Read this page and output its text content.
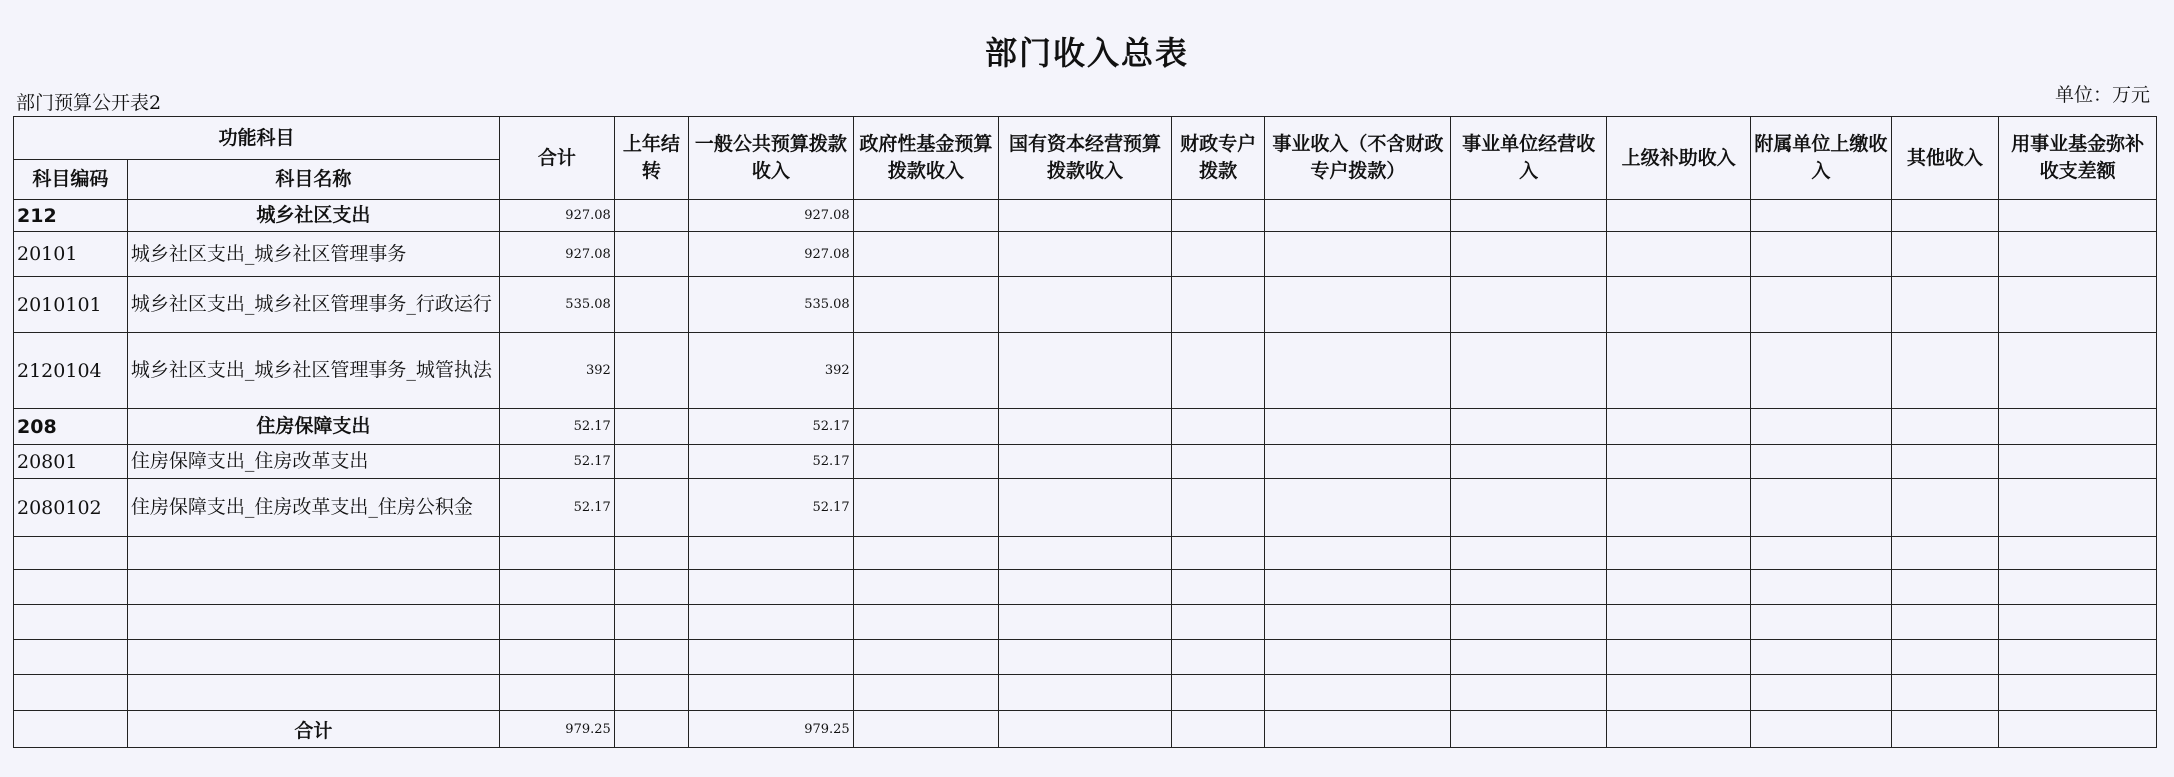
部门收入总表
部门预算公开表2	单位：万元
功能科目		合计	上年结转	一般公共预算拨款收入	政府性基金预算拨款收入	国有资本经营预算拨款收入	财政专户拨款	事业收入（不含财政专户拨款）	事业单位经营收入	上级补助收入	附属单位上缴收入	其他收入	用事业基金弥补收支差额
科目编码	科目名称												
212	城乡社区支出	927.08		927.08									
20101	城乡社区支出_城乡社区管理事务	927.08		927.08									
2010101	城乡社区支出_城乡社区管理事务_行政运行	535.08		535.08									
2120104	城乡社区支出_城乡社区管理事务_城管执法	392		392									
208	住房保障支出	52.17		52.17									
20801	住房保障支出_住房改革支出	52.17		52.17									
2080102	住房保障支出_住房改革支出_住房公积金	52.17		52.17									

	合计	979.25		979.25									
